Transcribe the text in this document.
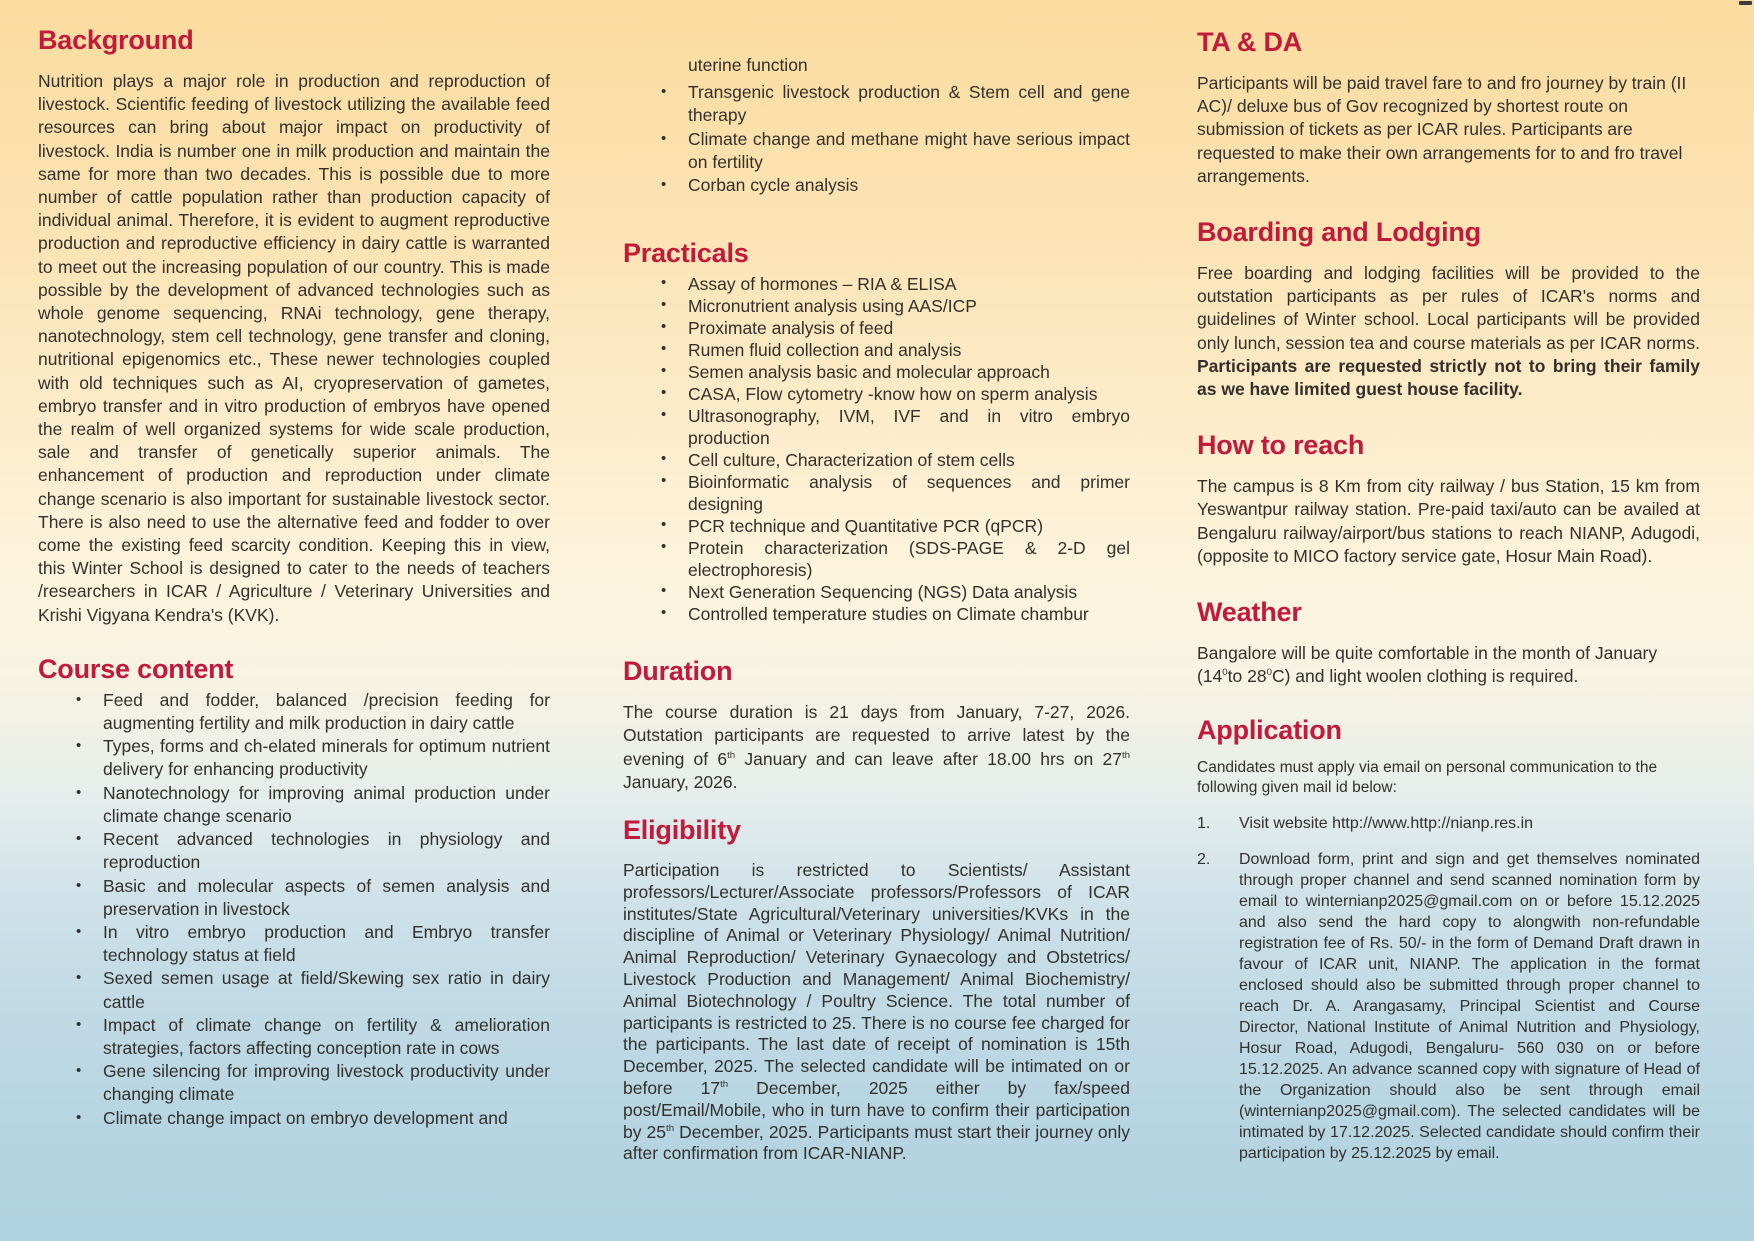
Background

Nutrition plays a major role in production and reproduction of livestock. Scientific feeding of livestock utilizing the available feed resources can bring about major impact on productivity of livestock. India is number one in milk production and maintain the same for more than two decades. This is possible due to more number of cattle population rather than production capacity of individual animal. Therefore, it is evident to augment reproductive production and reproductive efficiency in dairy cattle is warranted to meet out the increasing population of our country. This is made possible by the development of advanced technologies such as whole genome sequencing, RNAi technology, gene therapy, nanotechnology, stem cell technology, gene transfer and cloning, nutritional epigenomics etc., These newer technologies coupled with old techniques such as AI, cryopreservation of gametes, embryo transfer and in vitro production of embryos have opened the realm of well organized systems for wide scale production, sale and transfer of genetically superior animals. The enhancement of production and reproduction under climate change scenario is also important for sustainable livestock sector. There is also need to use the alternative feed and fodder to over come the existing feed scarcity condition. Keeping this in view, this Winter School is designed to cater to the needs of teachers /researchers in ICAR / Agriculture / Veterinary Universities and Krishi Vigyana Kendra's (KVK).

Course content
• Feed and fodder, balanced /precision feeding for augmenting fertility and milk production in dairy cattle
• Types, forms and ch-elated minerals for optimum nutrient delivery for enhancing productivity
• Nanotechnology for improving animal production under climate change scenario
• Recent advanced technologies in physiology and reproduction
• Basic and molecular aspects of semen analysis and preservation in livestock
• In vitro embryo production and Embryo transfer technology status at field
• Sexed semen usage at field/Skewing sex ratio in dairy cattle
• Impact of climate change on fertility & amelioration strategies, factors affecting conception rate in cows
• Gene silencing for improving livestock productivity under changing climate
• Climate change impact on embryo development and
uterine function
• Transgenic livestock production & Stem cell and gene therapy
• Climate change and methane might have serious impact on fertility
• Corban cycle analysis
Practicals
• Assay of hormones – RIA & ELISA
• Micronutrient analysis using AAS/ICP
• Proximate analysis of feed
• Rumen fluid collection and analysis
• Semen analysis basic and molecular approach
• CASA, Flow cytometry -know how on sperm analysis
• Ultrasonography, IVM, IVF and in vitro embryo production
• Cell culture, Characterization of stem cells
• Bioinformatic analysis of sequences and primer designing
• PCR technique and Quantitative PCR (qPCR)
• Protein characterization (SDS-PAGE & 2-D gel electrophoresis)
• Next Generation Sequencing (NGS) Data analysis
• Controlled temperature studies on Climate chambur
Duration

The course duration is 21 days from January, 7-27, 2026. Outstation participants are requested to arrive latest by the evening of 6th January and can leave after 18.00 hrs on 27th January, 2026.

Eligibility

Participation is restricted to Scientists/ Assistant professors/Lecturer/Associate professors/Professors of ICAR institutes/State Agricultural/Veterinary universities/KVKs in the discipline of Animal or Veterinary Physiology/ Animal Nutrition/ Animal Reproduction/ Veterinary Gynaecology and Obstetrics/ Livestock Production and Management/ Animal Biochemistry/ Animal Biotechnology / Poultry Science. The total number of participants is restricted to 25. There is no course fee charged for the participants. The last date of receipt of nomination is 15th December, 2025. The selected candidate will be intimated on or before 17th December, 2025 either by fax/speed post/Email/Mobile, who in turn have to confirm their participation by 25th December, 2025. Participants must start their journey only after confirmation from ICAR-NIANP.

TA & DA

Participants will be paid travel fare to and fro journey by train (II AC)/ deluxe bus of Gov recognized by shortest route on submission of tickets as per ICAR rules. Participants are requested to make their own arrangements for to and fro travel arrangements.

Boarding and Lodging

Free boarding and lodging facilities will be provided to the outstation participants as per rules of ICAR's norms and guidelines of Winter school. Local participants will be provided only lunch, session tea and course materials as per ICAR norms. Participants are requested strictly not to bring their family as we have limited guest house facility.

How to reach

The campus is 8 Km from city railway / bus Station, 15 km from Yeswantpur railway station. Pre-paid taxi/auto can be availed at Bengaluru railway/airport/bus stations to reach NIANP, Adugodi, (opposite to MICO factory service gate, Hosur Main Road).

Weather

Bangalore will be quite comfortable in the month of January ($14^0to$ $28^0C$) and light woolen clothing is required.

Application

Candidates must apply via email on personal communication to the following given mail id below:

1.	Visit website http://www.http://nianp.res.in
2.	Download form, print and sign and get themselves nominated through proper channel and send scanned nomination form by email to winternianp2025@gmail.com on or before 15.12.2025 and also send the hard copy to alongwith non-refundable registration fee of Rs. 50/- in the form of Demand Draft drawn in favour of ICAR unit, NIANP. The application in the format enclosed should also be submitted through proper channel to reach Dr. A. Arangasamy, Principal Scientist and Course Director, National Institute of Animal Nutrition and Physiology, Hosur Road, Adugodi, Bengaluru- 560 030 on or before 15.12.2025. An advance scanned copy with signature of Head of the Organization should also be sent through email (winternianp2025@gmail.com). The selected candidates will be intimated by 17.12.2025. Selected candidate should confirm their participation by 25.12.2025 by email.
